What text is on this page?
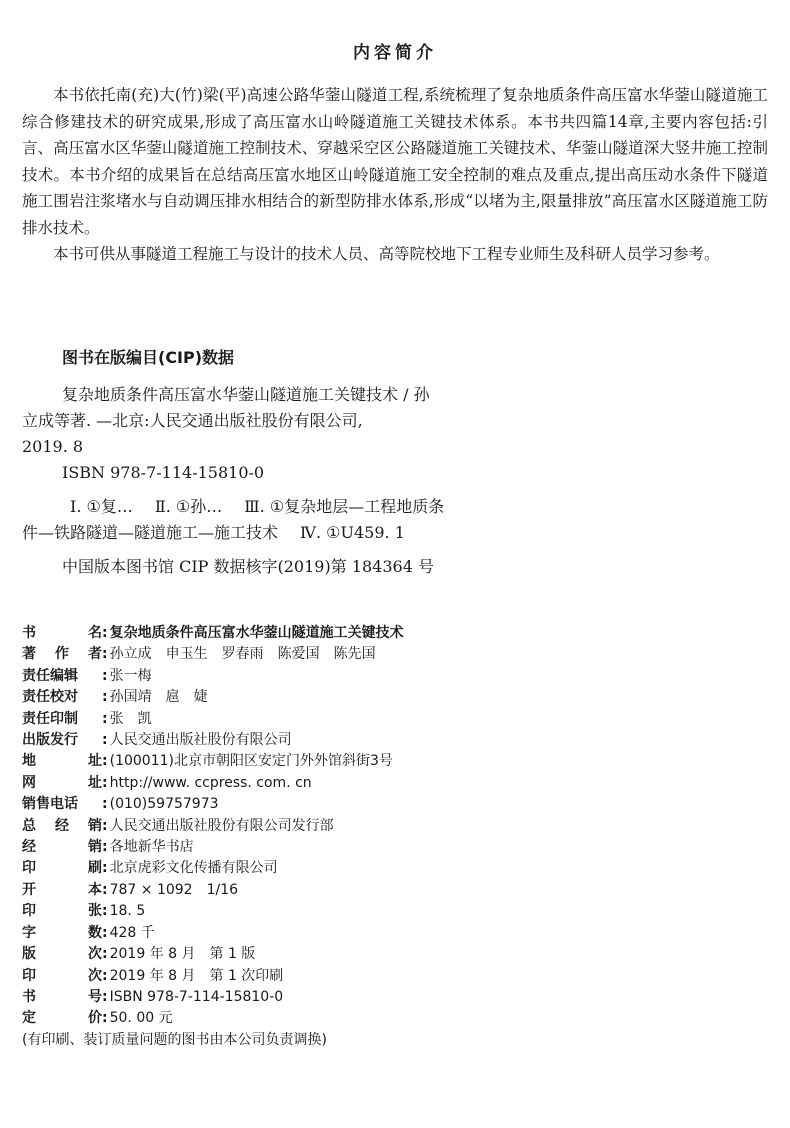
内容简介

本书依托南(充)大(竹)梁(平)高速公路华蓥山隧道工程,系统梳理了复杂地质条件高压富水华蓥山隧道施工综合修建技术的研究成果,形成了高压富水山岭隧道施工关键技术体系。本书共四篇14章,主要内容包括:引言、高压富水区华蓥山隧道施工控制技术、穿越采空区公路隧道施工关键技术、华蓥山隧道深大竖井施工控制技术。本书介绍的成果旨在总结高压富水地区山岭隧道施工安全控制的难点及重点,提出高压动水条件下隧道施工围岩注浆堵水与自动调压排水相结合的新型防排水体系,形成“以堵为主,限量排放”高压富水区隧道施工防排水技术。

本书可供从事隧道工程施工与设计的技术人员、高等院校地下工程专业师生及科研人员学习参考。

图书在版编目(CIP)数据

复杂地质条件高压富水华蓥山隧道施工关键技术 / 孙

立成等著. —北京:人民交通出版社股份有限公司,

2019. 8

ISBN 978-7-114-15810-0

Ⅰ. ①复… Ⅱ. ①孙… Ⅲ. ①复杂地层—工程地质条

件—铁路隧道—隧道施工—施工技术 Ⅳ. ①U459. 1

中国版本图书馆 CIP 数据核字(2019)第 184364 号

书	名 : 复杂地质条件高压富水华蓥山隧道施工关键技术
著 作 者 : 孙立成　申玉生　罗春雨　陈爱国　陈先国
责任编辑 : 张一梅
责任校对 : 孙国靖　扈　婕
责任印制 : 张　凯
出版发行 : 人民交通出版社股份有限公司
地	址 : (100011)北京市朝阳区安定门外外馆斜街3号
网	址 : http://www. ccpress. com. cn
销售电话 : (010)59757973
总 经 销 : 人民交通出版社股份有限公司发行部
经	销 : 各地新华书店
印	刷 : 北京虎彩文化传播有限公司
开	本 : 787 × 1092　1/16
印	张 : 18. 5
字	数 : 428 千
版	次 : 2019 年 8 月　第 1 版
印	次 : 2019 年 8 月　第 1 次印刷
书	号 : ISBN 978-7-114-15810-0
定	价 : 50. 00 元
(有印刷、装订质量问题的图书由本公司负责调换)
